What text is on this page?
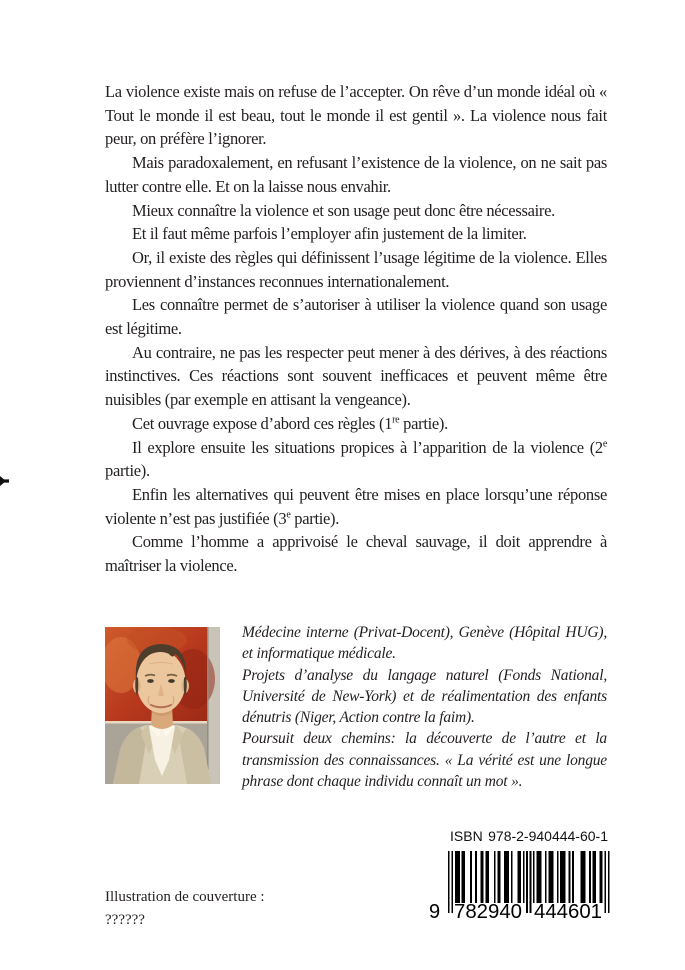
La violence existe mais on refuse de l’accepter. On rêve d’un monde idéal où « Tout le monde il est beau, tout le monde il est gentil ». La violence nous fait peur, on préfère l’ignorer.

Mais paradoxalement, en refusant l’existence de la violence, on ne sait pas lutter contre elle. Et on la laisse nous envahir.

Mieux connaître la violence et son usage peut donc être nécessaire.

Et il faut même parfois l’employer afin justement de la limiter.

Or, il existe des règles qui définissent l’usage légitime de la violence. Elles proviennent d’instances reconnues internationalement.

Les connaître permet de s’autoriser à utiliser la violence quand son usage est légitime.

Au contraire, ne pas les respecter peut mener à des dérives, à des réactions instinctives. Ces réactions sont souvent inefficaces et peuvent même être nuisibles (par exemple en attisant la vengeance).

Cet ouvrage expose d’abord ces règles (1re partie).

Il explore ensuite les situations propices à l’apparition de la violence (2e partie).

Enfin les alternatives qui peuvent être mises en place lorsqu’une réponse violente n’est pas justifiée (3e partie).

Comme l’homme a apprivoisé le cheval sauvage, il doit apprendre à maîtriser la violence.

Médecine interne (Privat-Docent), Genève (Hôpital HUG), et informatique médicale.

Projets d’analyse du langage naturel (Fonds National, Université de New-York) et de réalimentation des enfants dénutris (Niger, Action contre la faim).

Poursuit deux chemins: la découverte de l’autre et la transmission des connaissances. « La vérité est une longue phrase dont chaque individu connaît un mot ».

ISBN 978-2-940444-60-1
9 782940 444601
Illustration de couverture :
??????
